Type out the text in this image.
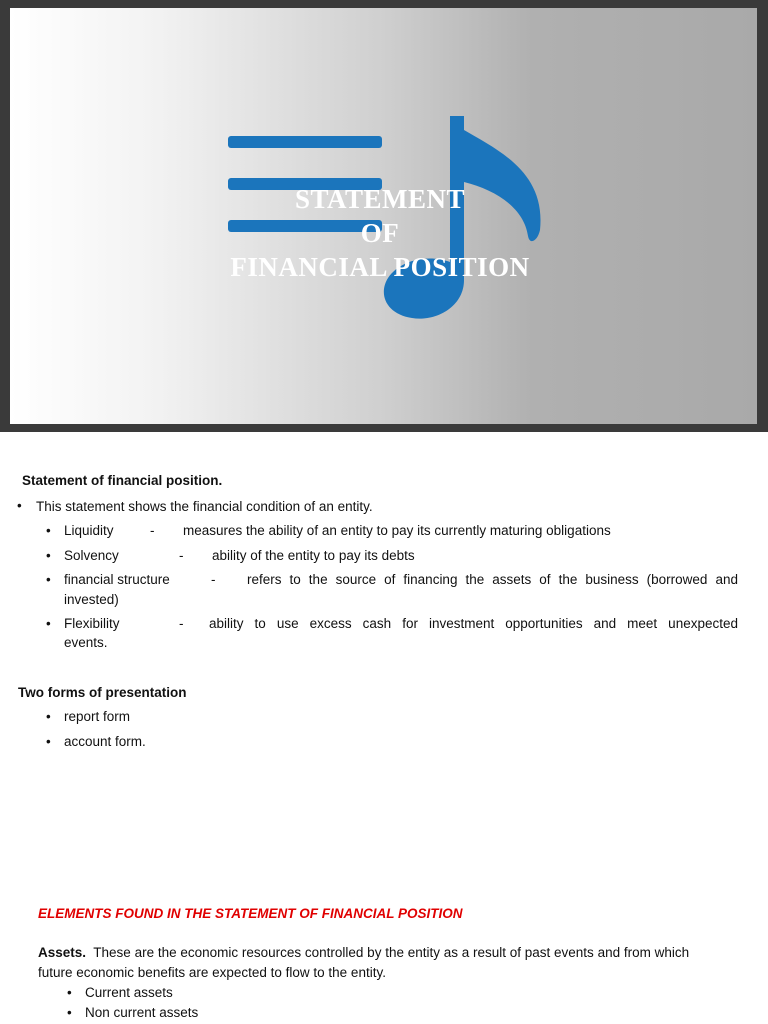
STATEMENT
OF
FINANCIAL POSITION
Statement of financial position.
• This statement shows the financial condition of an entity.
• Liquidity	- measures the ability of an entity to pay its currently maturing obligations
• Solvency	- ability of the entity to pay its debts
• financial structure	- refers to the source of financing the assets of the business (borrowed and
invested)
• Flexibility	- ability to use excess cash for investment opportunities and meet unexpected
events.
Two forms of presentation
• report form
• account form.
ELEMENTS FOUND IN THE STATEMENT OF FINANCIAL POSITION
Assets. These are the economic resources controlled by the entity as a result of past events and from which
future economic benefits are expected to flow to the entity.
• Current assets
• Non current assets
